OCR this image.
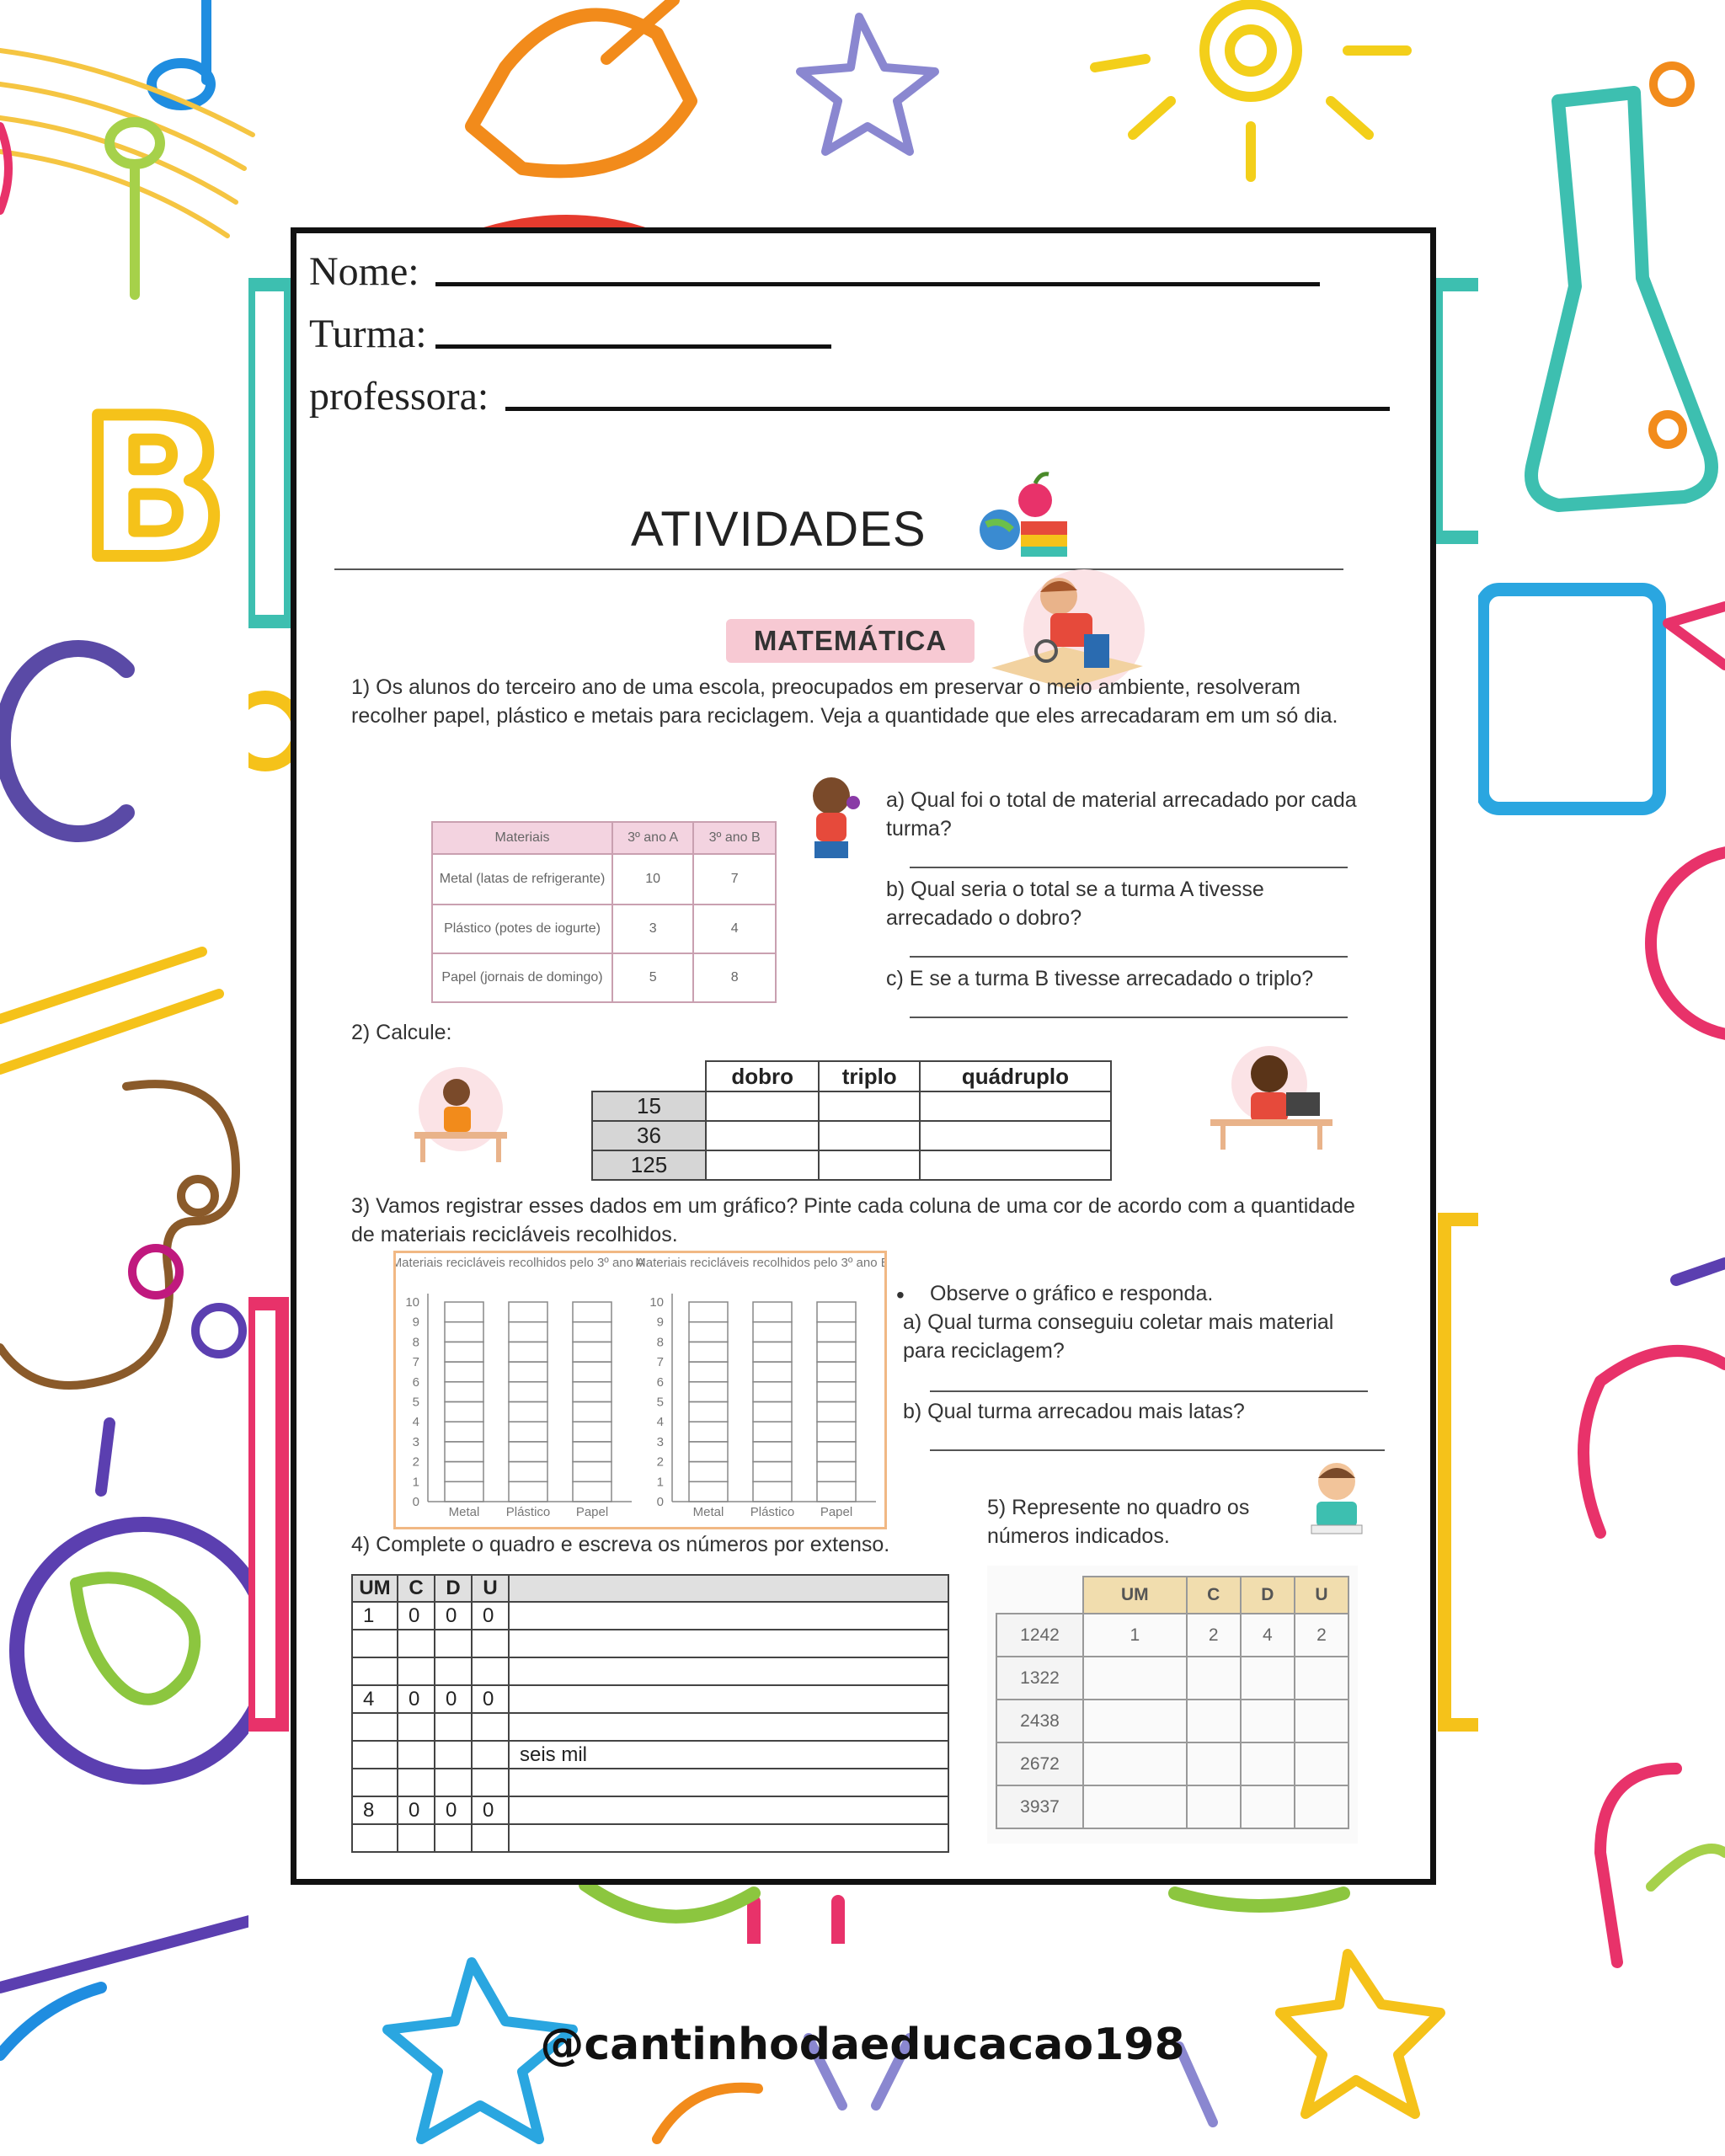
B
Nome:
Turma:
professora:
ATIVIDADES
MATEMÁTICA
1) Os alunos do terceiro ano de uma escola, preocupados em preservar o meio ambiente, resolveram recolher papel, plástico e metais para reciclagem. Veja a quantidade que eles arrecadaram em um só dia.
Materiais	3º ano A	3º ano B
Metal (latas de refrigerante)	10	7
Plástico (potes de iogurte)	3	4
Papel (jornais de domingo)	5	8
a) Qual foi o total de material arrecadado por cada turma?
b) Qual seria o total se a turma A tivesse arrecadado o dobro?
c) E se a turma B tivesse arrecadado o triplo?
2) Calcule:
	dobro	triplo	quádruplo
15			
36			
125			
3) Vamos registrar esses dados em um gráfico? Pinte cada coluna de uma cor de acordo com a quantidade de materiais recicláveis recolhidos.
Materiais recicláveis recolhidos pelo 3º ano A
Materiais recicláveis recolhidos pelo 3º ano B
0
1
2
3
4
5
6
7
8
9
10
Metal Plástico Papel
0
1
2
3
4
5
6
7
8
9
10
Metal Plástico Papel
• Observe o gráfico e responda.
a) Qual turma conseguiu coletar mais material para reciclagem?
b) Qual turma arrecadou mais latas?
5) Represente no quadro os números indicados.
4) Complete o quadro e escreva os números por extenso.
UM	C	D	U	
1	0	0	0	

4	0	0	0	

				seis mil

8	0	0	0	

	UM	C	D	U
1242	1	2	4	2
1322				
2438				
2672				
3937				
@cantinhodaeducacao198
